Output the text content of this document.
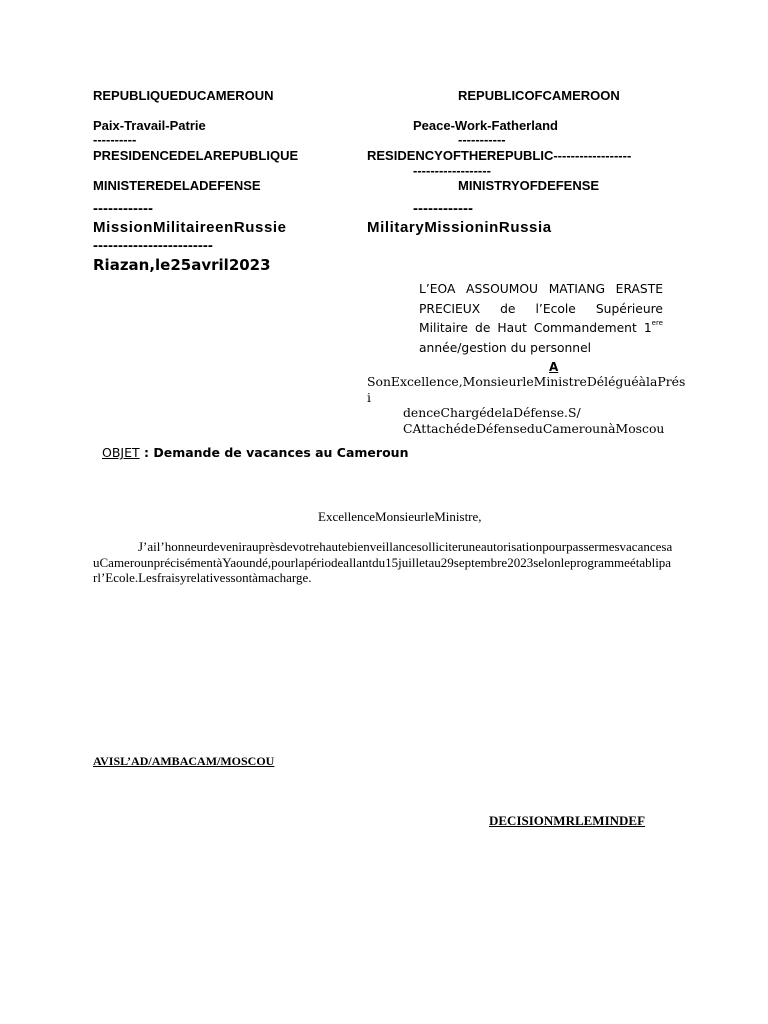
REPUBLIQUEDUCAMEROUN
Paix-Travail-Patrie
----------
PRESIDENCEDELAREPUBLIQUE
MINISTEREDELADEFENSE
------------
MissionMilitaireenRussie
------------------------
Riazan,le25avril2023
REPUBLICOFCAMEROON
Peace-Work-Fatherland
-----------
RESIDENCYOFTHEREPUBLIC------------------
------------------
MINISTRYOFDEFENSE
------------
MilitaryMissioninRussia
L’EOA ASSOUMOU MATIANG ERASTE PRECIEUX de l’Ecole Supérieure Militaire de Haut Commandement 1ere année/gestion du personnel
A
SonExcellence,MonsieurleMinistreDéléguéàlaPrési
denceChargédelaDéfense.S/
CAttachédeDéfenseduCamerounàMoscou
OBJET : Demande de vacances au Cameroun
ExcellenceMonsieurleMinistre,
J’ail’honneurdevenirauprèsdevotrehautebienveillancesolliciteruneautorisationpourpassermesvacancesauCamerounprécisémentàYaoundé,pourlapériodeallantdu15juilletau29septembre2023selonleprogrammeétabliparl’Ecole.Lesfraisyrelativessontàmacharge.
AVISL’AD/AMBACAM/MOSCOU
DECISIONMRLEMINDEF
